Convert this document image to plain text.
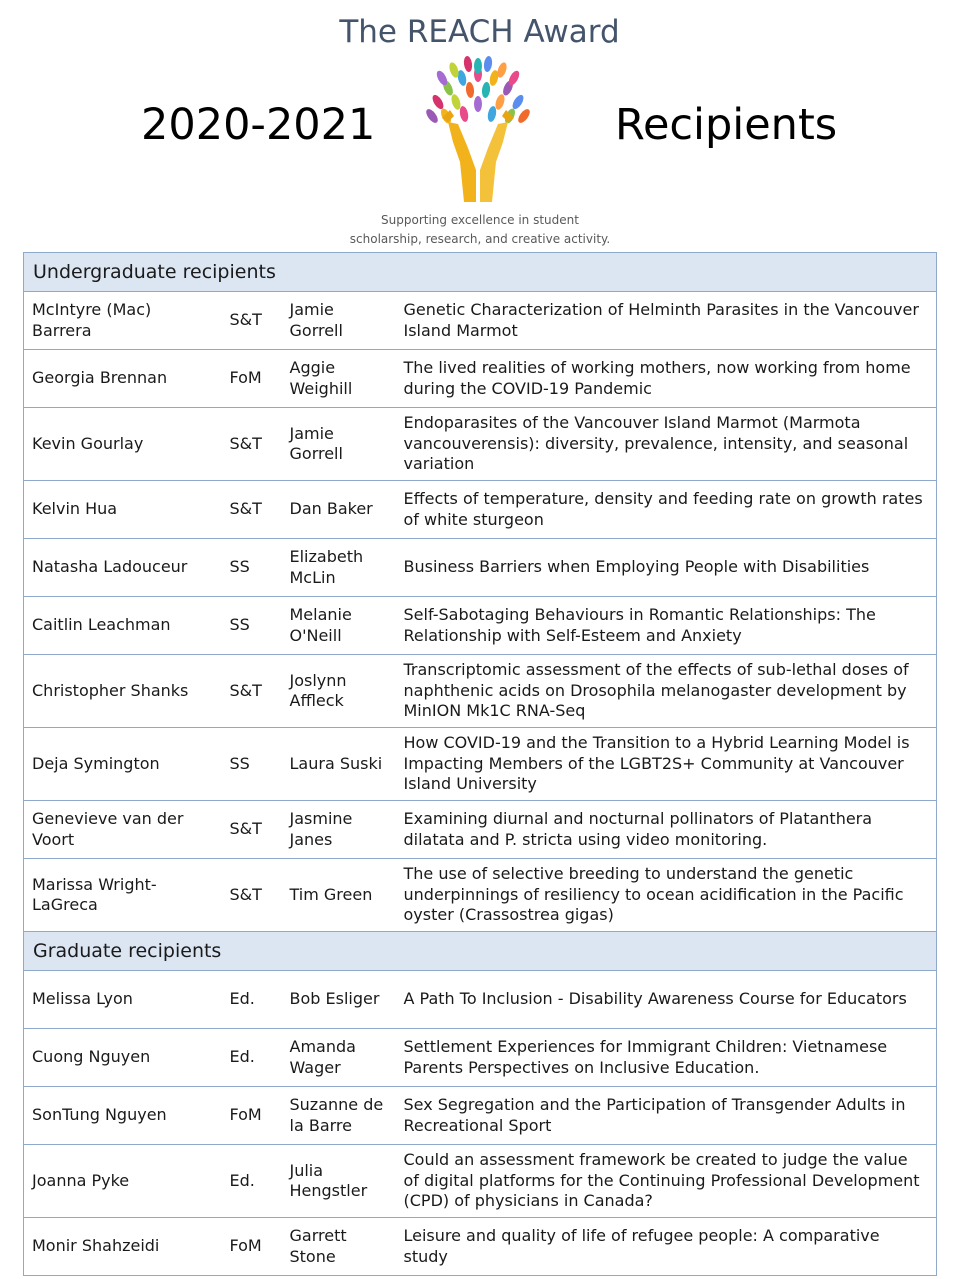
The REACH Award
2020-2021	Recipients
Supporting excellence in student
scholarship, research, and creative activity.
Undergraduate recipients			
McIntyre (Mac) Barrera	S&T	Jamie Gorrell	Genetic Characterization of Helminth Parasites in the Vancouver Island Marmot
Georgia Brennan	FoM	Aggie Weighill	The lived realities of working mothers, now working from home during the COVID-19 Pandemic
Kevin Gourlay	S&T	Jamie Gorrell	Endoparasites of the Vancouver Island Marmot (Marmota vancouverensis): diversity, prevalence, intensity, and seasonal variation
Kelvin Hua	S&T	Dan Baker	Effects of temperature, density and feeding rate on growth rates of white sturgeon
Natasha Ladouceur	SS	Elizabeth McLin	Business Barriers when Employing People with Disabilities
Caitlin Leachman	SS	Melanie O'Neill	Self-Sabotaging Behaviours in Romantic Relationships: The Relationship with Self-Esteem and Anxiety
Christopher Shanks	S&T	Joslynn Affleck	Transcriptomic assessment of the effects of sub-lethal doses of naphthenic acids on Drosophila melanogaster development by MinION Mk1C RNA-Seq
Deja Symington	SS	Laura Suski	How COVID-19 and the Transition to a Hybrid Learning Model is Impacting Members of the LGBT2S+ Community at Vancouver Island University
Genevieve van der Voort	S&T	Jasmine Janes	Examining diurnal and nocturnal pollinators of Platanthera dilatata and P. stricta using video monitoring.
Marissa Wright-LaGreca	S&T	Tim Green	The use of selective breeding to understand the genetic underpinnings of resiliency to ocean acidification in the Pacific oyster (Crassostrea gigas)
Graduate recipients			
Melissa Lyon	Ed.	Bob Esliger	A Path To Inclusion - Disability Awareness Course for Educators
Cuong Nguyen	Ed.	Amanda Wager	Settlement Experiences for Immigrant Children: Vietnamese Parents Perspectives on Inclusive Education.
SonTung Nguyen	FoM	Suzanne de la Barre	Sex Segregation and the Participation of Transgender Adults in Recreational Sport
Joanna Pyke	Ed.	Julia Hengstler	Could an assessment framework be created to judge the value of digital platforms for the Continuing Professional Development (CPD) of physicians in Canada?
Monir Shahzeidi	FoM	Garrett Stone	Leisure and quality of life of refugee people: A comparative study
